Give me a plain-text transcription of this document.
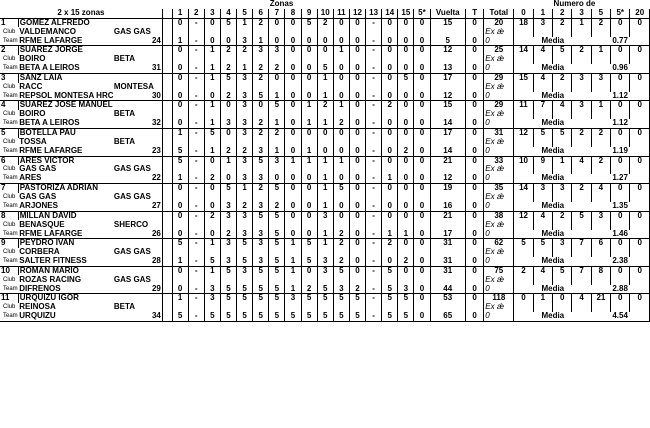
										Zonas															Numero de				
2 x 15 zonas				1	2	3	4	5	6	7	8	9	10	11	12	13	14	15	5*	Vuelta	T	Total	0	1	2	3	5	5*	20
1	GOMEZ ALFREDO			0	-	0	5	1	2	0	0	5	2	0	0	-	0	0	0	15	0	20	18	3	2	1	2	0	0
Club	VALDEMANCO	GAS GAS																				Ex ǽ							
Team	RFME LAFARGE	24		1	-	0	0	3	1	0	0	0	0	0	0	-	0	0	0	5	0	0	Media				0.77		
2	SUAREZ JORGE			0	-	1	2	2	3	3	0	0	0	1	0	-	0	0	0	12	0	25	14	4	5	2	1	0	0
Club	BOIRO	BETA																				Ex ǽ							
Team	BETA A LEIROS	31		0	-	1	2	1	2	2	0	0	5	0	0	-	0	0	0	13	0	0	Media				0.96		
3	SANZ LAIA			0	-	1	5	3	2	0	0	0	1	0	0	-	0	5	0	17	0	29	15	4	2	3	3	0	0
Club	RACC	MONTESA																				Ex ǽ							
Team	REPSOL MONTESA HRC	30		0	-	0	2	3	5	1	0	0	1	0	0	-	0	0	0	12	0	0	Media				1.12		
4	SUAREZ JOSE MANUEL			0	-	1	0	3	0	5	0	1	2	1	0	-	2	0	0	15	0	29	11	7	4	3	1	0	0
Club	BOIRO	BETA																				Ex ǽ							
Team	BETA A LEIROS	32		0	-	1	3	3	2	1	0	1	1	2	0	-	0	0	0	14	0	0	Media				1.12		
5	BOTELLA PAU			1	-	5	0	3	2	2	0	0	0	0	0	-	0	0	0	17	0	31	12	5	5	2	2	0	0
Club	TOSSA	BETA																				Ex ǽ							
Team	RFME LAFARGE	23		5	-	1	2	2	3	1	0	1	0	0	0	-	0	2	0	14	0	0	Media				1.19		
6	ARES VICTOR			5	-	0	1	3	5	3	1	1	1	1	0	-	0	0	0	21	0	33	10	9	1	4	2	0	0
Club	GAS GAS	GAS GAS																				Ex ǽ							
Team	ARES	22		1	-	2	0	3	3	0	0	0	1	0	0	-	1	0	0	12	0	0	Media				1.27		
7	PASTORIZA ADRIAN			0	-	0	5	1	2	5	0	0	1	5	0	-	0	0	0	19	0	35	14	3	3	2	4	0	0
Club	GAS GAS	GAS GAS																				Ex ǽ							
Team	ARJONES	27		0	-	0	3	2	3	2	0	0	1	0	0	-	0	0	0	16	0	0	Media				1.35		
8	MILLAN DAVID			0	-	2	3	3	5	5	0	0	3	0	0	-	0	0	0	21	0	38	12	4	2	5	3	0	0
Club	BENASQUE	SHERCO																				Ex ǽ							
Team	RFME LAFARGE	26		0	-	0	2	3	3	5	0	0	1	2	0	-	1	1	0	17	0	0	Media				1.46		
9	PEYDRO IVAN			5	-	1	3	5	3	5	1	5	1	2	0	-	2	0	0	31	0	62	5	5	3	7	6	0	0
Club	CORBERA	GAS GAS																				Ex ǽ							
Team	SALTER FITNESS	28		1	-	5	3	5	3	5	1	5	3	2	0	-	0	2	0	31	0	0	Media				2.38		
10	ROMAN MARIO			0	-	1	5	3	5	5	1	0	3	5	0	-	5	0	0	31	0	75	2	4	5	7	8	0	0
Club	ROZAS RACING	GAS GAS																				Ex ǽ							
Team	DIFRENOS	29		0	-	3	5	5	5	5	1	2	5	3	2	-	5	3	0	44	0	0	Media				2.88		
11	URQUIZU IGOR			1	-	3	5	5	5	5	3	5	5	5	5	-	5	5	0	53	0	118	0	1	0	4	21	0	0
Club	REINOSA	BETA																				Ex ǽ							
Team	URQUIZU	34		5	-	5	5	5	5	5	5	5	5	5	5	-	5	5	0	65	0	0	Media				4.54		
